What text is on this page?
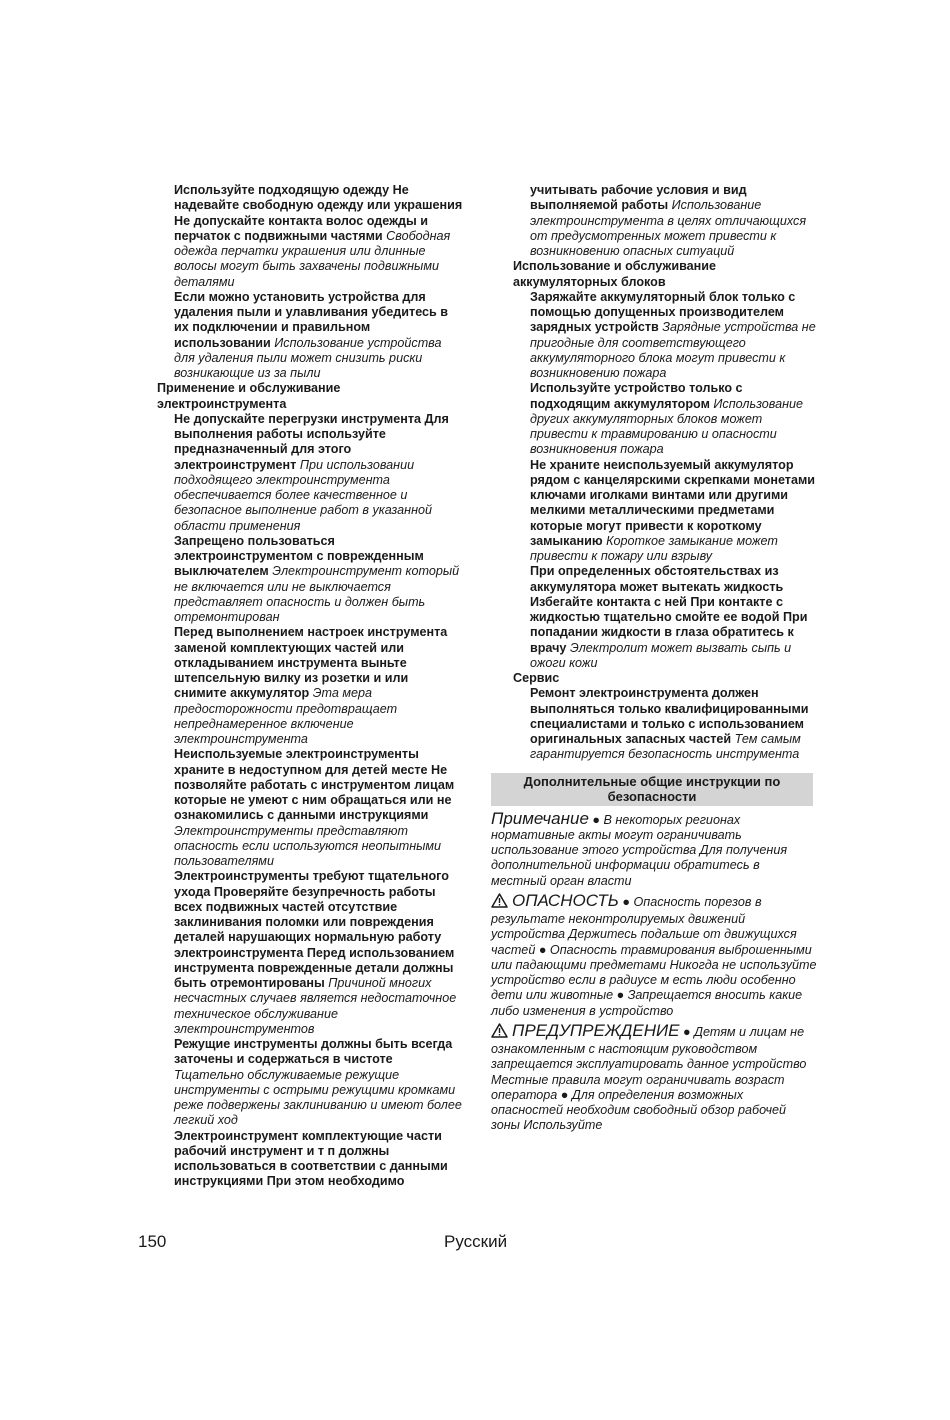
Используйте подходящую одежду Не надевайте свободную одежду или украшения Не допускайте контакта волос одежды и перчаток с подвижными частями Свободная одежда перчатки украшения или длинные волосы могут быть захвачены подвижными деталями

Если можно установить устройства для удаления пыли и улавливания убедитесь в их подключении и правильном использовании Использование устройства для удаления пыли может снизить риски возникающие из за пыли

Применение и обслуживание электроинструмента

Не допускайте перегрузки инструмента Для выполнения работы используйте предназначенный для этого электроинструмент При использовании подходящего электроинструмента обеспечивается более качественное и безопасное выполнение работ в указанной области применения

Запрещено пользоваться электроинструментом с поврежденным выключателем Электроинструмент который не включается или не выключается представляет опасность и должен быть отремонтирован

Перед выполнением настроек инструмента заменой комплектующих частей или откладыванием инструмента выньте штепсельную вилку из розетки и или снимите аккумулятор Эта мера предосторожности предотвращает непреднамеренное включение электроинструмента

Неиспользуемые электроинструменты храните в недоступном для детей месте Не позволяйте работать с инструментом лицам которые не умеют с ним обращаться или не ознакомились с данными инструкциями Электроинструменты представляют опасность если используются неопытными пользователями

Электроинструменты требуют тщательного ухода Проверяйте безупречность работы всех подвижных частей отсутствие заклинивания поломки или повреждения деталей нарушающих нормальную работу электроинструмента Перед использованием инструмента поврежденные детали должны быть отремонтированы Причиной многих несчастных случаев является недостаточное техническое обслуживание электроинструментов

Режущие инструменты должны быть всегда заточены и содержаться в чистоте Тщательно обслуживаемые режущие инструменты с острыми режущими кромками реже подвержены заклиниванию и имеют более легкий ход

Электроинструмент комплектующие части рабочий инструмент и т п должны использоваться в соответствии с данными инструкциями При этом необходимо

учитывать рабочие условия и вид выполняемой работы Использование электроинструмента в целях отличающихся от предусмотренных может привести к возникновению опасных ситуаций

Использование и обслуживание аккумуляторных блоков

Заряжайте аккумуляторный блок только с помощью допущенных производителем зарядных устройств Зарядные устройства не пригодные для соответствующего аккумуляторного блока могут привести к возникновению пожара

Используйте устройство только с подходящим аккумулятором Использование других аккумуляторных блоков может привести к травмированию и опасности возникновения пожара

Не храните неиспользуемый аккумулятор рядом с канцелярскими скрепками монетами ключами иголками винтами или другими мелкими металлическими предметами которые могут привести к короткому замыканию Короткое замыкание может привести к пожару или взрыву

При определенных обстоятельствах из аккумулятора может вытекать жидкость Избегайте контакта с ней При контакте с жидкостью тщательно смойте ее водой При попадании жидкости в глаза обратитесь к врачу Электролит может вызвать сыпь и ожоги кожи

Сервис

Ремонт электроинструмента должен выполняться только квалифицированными специалистами и только с использованием оригинальных запасных частей Тем самым гарантируется безопасность инструмента

Дополнительные общие инструкции по безопасности

Примечание ● В некоторых регионах нормативные акты могут ограничивать использование этого устройства Для получения дополнительной информации обратитесь в местный орган власти

ОПАСНОСТЬ ● Опасность порезов в результате неконтролируемых движений устройства Держитесь подальше от движущихся частей ● Опасность травмирования выброшенными или падающими предметами Никогда не используйте устройство если в радиусе м есть люди особенно дети или животные ● Запрещается вносить какие либо изменения в устройство

ПРЕДУПРЕЖДЕНИЕ ● Детям и лицам не ознакомленным с настоящим руководством запрещается эксплуатировать данное устройство Местные правила могут ограничивать возраст оператора ● Для определения возможных опасностей необходим свободный обзор рабочей зоны Используйте

150	Русский
